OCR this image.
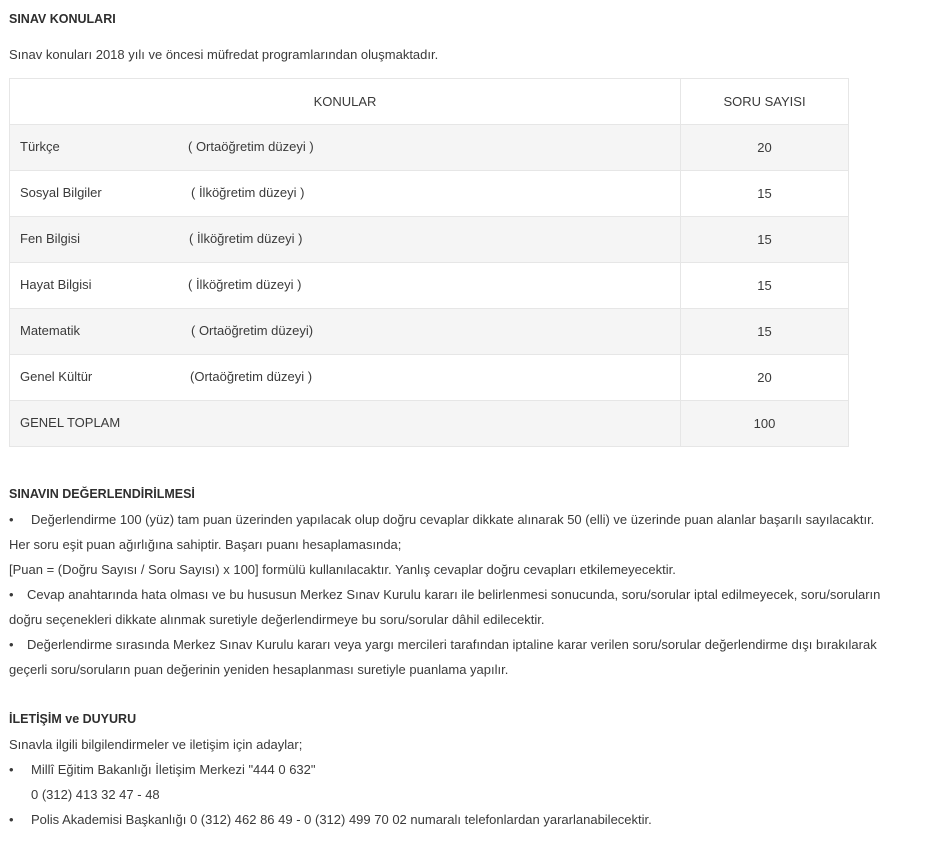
SINAV KONULARI
Sınav konuları 2018 yılı ve öncesi müfredat programlarından oluşmaktadır.
KONULAR	SORU SAYISI

Türkçe ( Ortaöğretim düzeyi )	20

Sosyal Bilgiler ( İlköğretim düzeyi )	15

Fen Bilgisi ( İlköğretim düzeyi )	15

Hayat Bilgisi ( İlköğretim düzeyi )	15

Matematik ( Ortaöğretim düzeyi)	15

Genel Kültür (Ortaöğretim düzeyi )	20

GENEL TOPLAM	100
SINAVIN DEĞERLENDİRİLMESİ
• Değerlendirme 100 (yüz) tam puan üzerinden yapılacak olup doğru cevaplar dikkate alınarak 50 (elli) ve üzerinde puan alanlar başarılı sayılacaktır.
Her soru eşit puan ağırlığına sahiptir. Başarı puanı hesaplamasında;
[Puan = (Doğru Sayısı / Soru Sayısı) x 100] formülü kullanılacaktır. Yanlış cevaplar doğru cevapları etkilemeyecektir.
• Cevap anahtarında hata olması ve bu hususun Merkez Sınav Kurulu kararı ile belirlenmesi sonucunda, soru/sorular iptal edilmeyecek, soru/soruların
doğru seçenekleri dikkate alınmak suretiyle değerlendirmeye bu soru/sorular dâhil edilecektir.
• Değerlendirme sırasında Merkez Sınav Kurulu kararı veya yargı mercileri tarafından iptaline karar verilen soru/sorular değerlendirme dışı bırakılarak
geçerli soru/soruların puan değerinin yeniden hesaplanması suretiyle puanlama yapılır.
İLETİŞİM ve DUYURU
Sınavla ilgili bilgilendirmeler ve iletişim için adaylar;
• Millî Eğitim Bakanlığı İletişim Merkezi "444 0 632"
0 (312) 413 32 47 - 48
• Polis Akademisi Başkanlığı 0 (312) 462 86 49 - 0 (312) 499 70 02 numaralı telefonlardan yararlanabilecektir.
